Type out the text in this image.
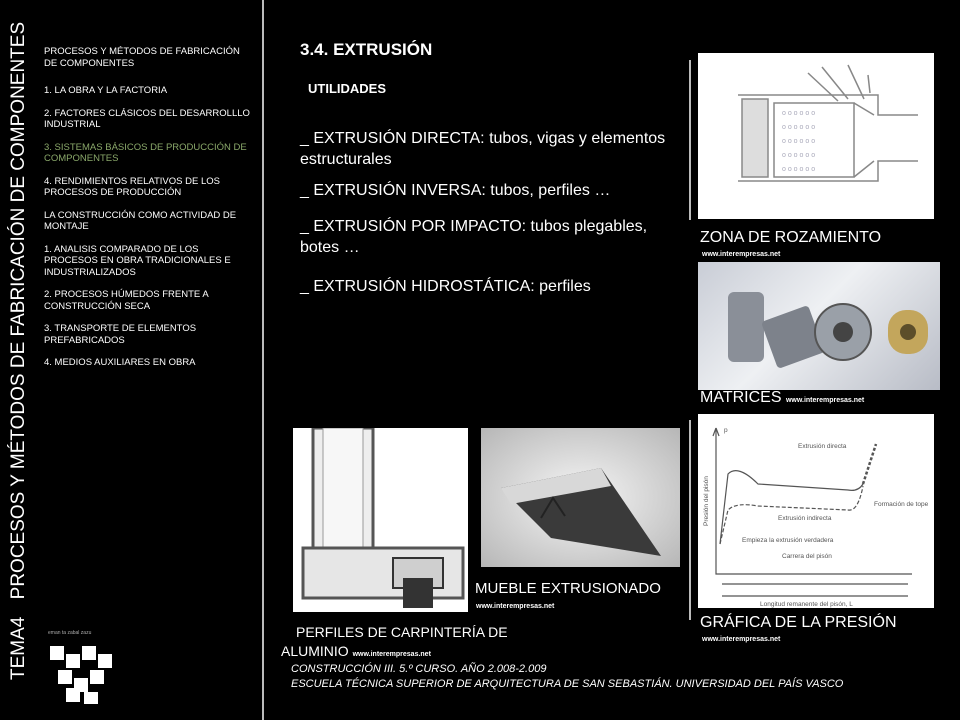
TEMA4 PROCESOS Y MÉTODOS DE FABRICACIÓN DE COMPONENTES	PROCESOS Y MÉTODOS DE FABRICACIÓN
DE COMPONENTES
1. LA OBRA Y LA FACTORIA
2. FACTORES CLÁSICOS DEL DESARROLLLO INDUSTRIAL
3. SISTEMAS BÁSICOS DE PRODUCCIÓN DE COMPONENTES
4. RENDIMIENTOS RELATIVOS DE LOS PROCESOS DE PRODUCCIÓN
LA CONSTRUCCIÓN COMO ACTIVIDAD DE MONTAJE
1. ANALISIS COMPARADO DE LOS PROCESOS EN OBRA TRADICIONALES E INDUSTRIALIZADOS
2. PROCESOS HÚMEDOS FRENTE A CONSTRUCCIÓN SECA
3. TRANSPORTE DE ELEMENTOS PREFABRICADOS
4. MEDIOS AUXILIARES EN OBRA
eman ta zabal zazu
3.4. EXTRUSIÓN
UTILIDADES
_ EXTRUSIÓN DIRECTA: tubos, vigas y elementos estructurales
_ EXTRUSIÓN INVERSA: tubos, perfiles …
_ EXTRUSIÓN POR IMPACTO: tubos plegables, botes …
_ EXTRUSIÓN HIDROSTÁTICA: perfiles
o o o o o o
o o o o o o
o o o o o o
o o o o o o
o o o o o o
ZONA DE ROZAMIENTO
www.interempresas.net
MATRICES www.interempresas.net
p
Extrusión directa
Extrusión indirecta
Formación de tope
Empieza la extrusión verdadera
Carrera del pisón
Longitud remanente del pisón, L
Presión del pisón
GRÁFICA DE LA PRESIÓN
www.interempresas.net
MUEBLE EXTRUSIONADO
www.interempresas.net
PERFILES DE CARPINTERÍA DE
ALUMINIO www.interempresas.net
CONSTRUCCIÓN III. 5.º CURSO. AÑO 2.008-2.009
ESCUELA TÉCNICA SUPERIOR DE ARQUITECTURA DE SAN SEBASTIÁN. UNIVERSIDAD DEL PAÍS VASCO
